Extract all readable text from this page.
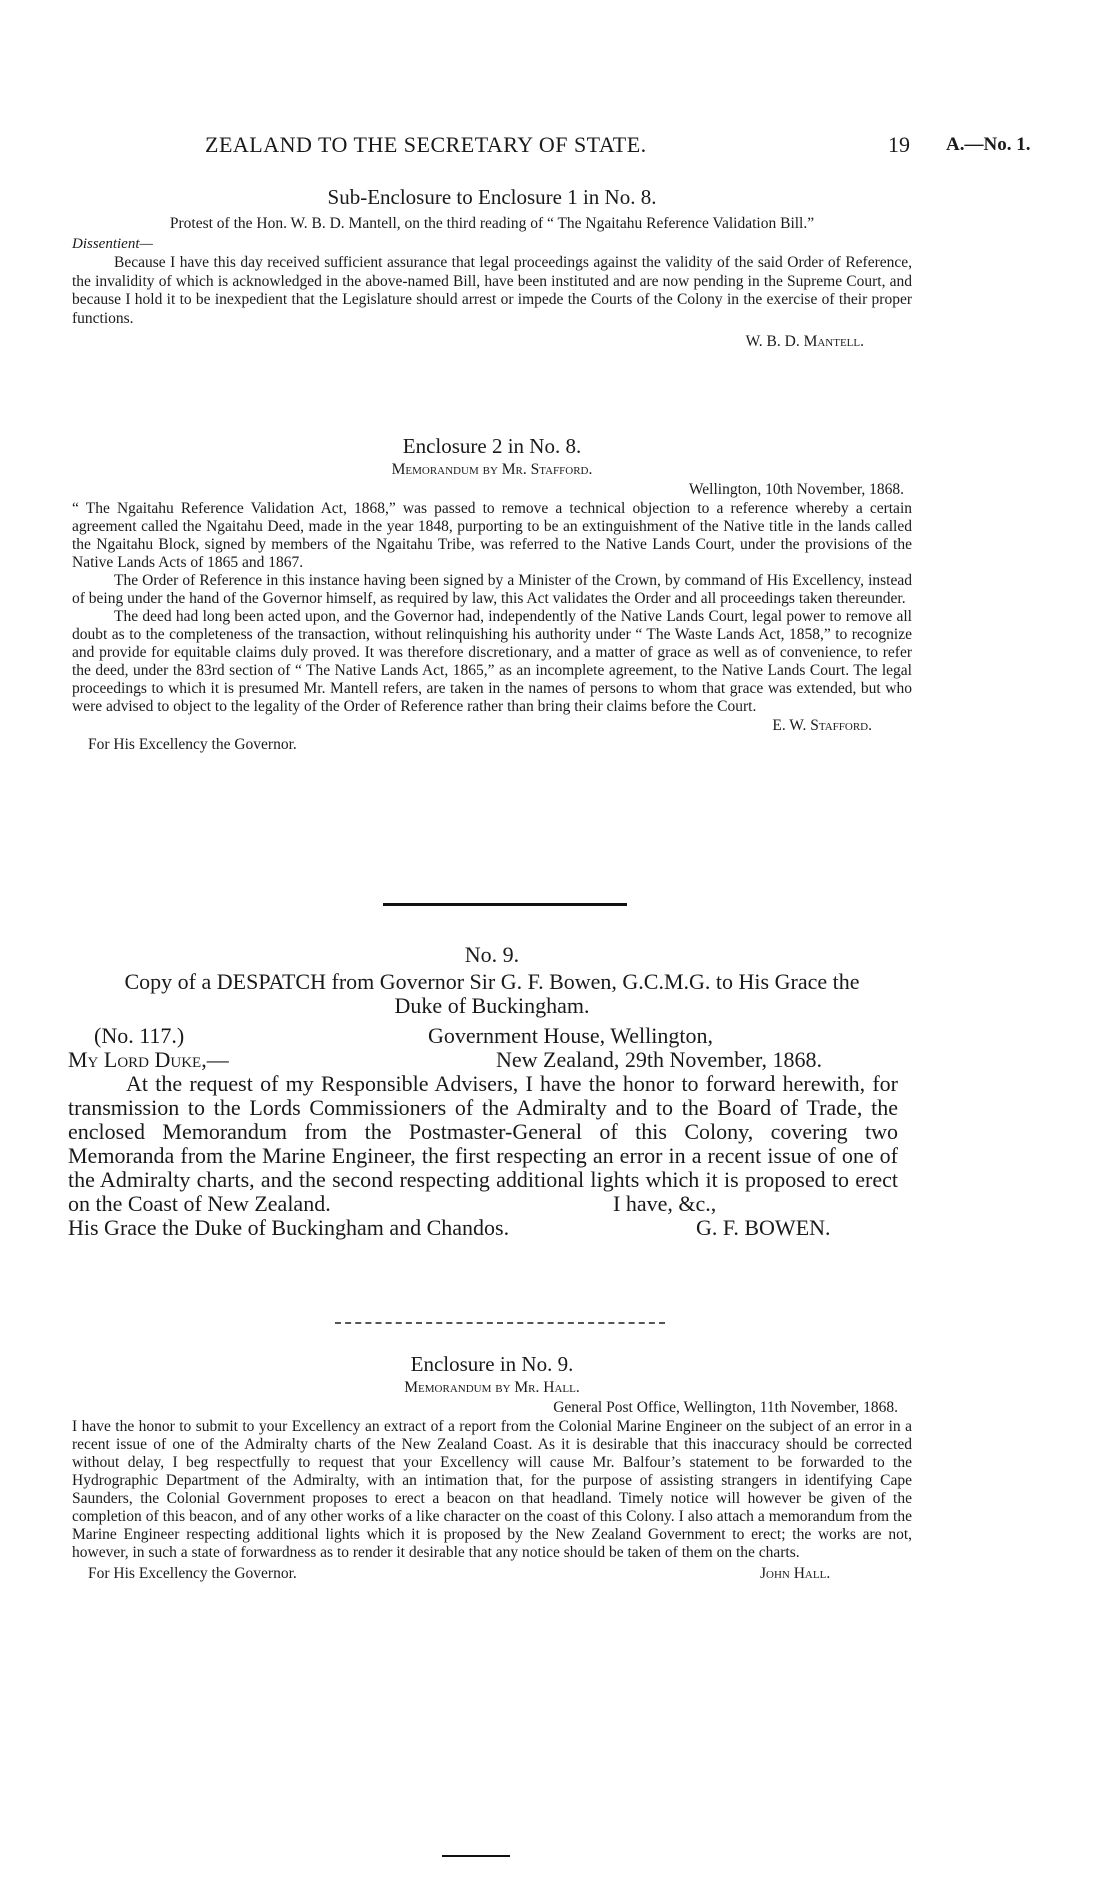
ZEALAND TO THE SECRETARY OF STATE.	19 A.—No. 1.
Sub-Enclosure to Enclosure 1 in No. 8.
Protest of the Hon. W. B. D. Mantell, on the third reading of “ The Ngaitahu Reference Validation Bill.”
Dissentient—

Because I have this day received sufficient assurance that legal proceedings against the validity of the said Order of Reference, the invalidity of which is acknowledged in the above-named Bill, have been instituted and are now pending in the Supreme Court, and because I hold it to be inexpedient that the Legislature should arrest or impede the Courts of the Colony in the exercise of their proper functions.

W. B. D. Mantell.
Enclosure 2 in No. 8.
Memorandum by Mr. Stafford.
Wellington, 10th November, 1868.

“ The Ngaitahu Reference Validation Act, 1868,” was passed to remove a technical objection to a reference whereby a certain agreement called the Ngaitahu Deed, made in the year 1848, purporting to be an extinguishment of the Native title in the lands called the Ngaitahu Block, signed by members of the Ngaitahu Tribe, was referred to the Native Lands Court, under the provisions of the Native Lands Acts of 1865 and 1867.

The Order of Reference in this instance having been signed by a Minister of the Crown, by command of His Excellency, instead of being under the hand of the Governor himself, as required by law, this Act validates the Order and all proceedings taken thereunder.

The deed had long been acted upon, and the Governor had, independently of the Native Lands Court, legal power to remove all doubt as to the completeness of the transaction, without relinquishing his authority under “ The Waste Lands Act, 1858,” to recognize and provide for equitable claims duly proved. It was therefore discretionary, and a matter of grace as well as of convenience, to refer the deed, under the 83rd section of “ The Native Lands Act, 1865,” as an incomplete agreement, to the Native Lands Court. The legal proceedings to which it is presumed Mr. Mantell refers, are taken in the names of persons to whom that grace was extended, but who were advised to object to the legality of the Order of Reference rather than bring their claims before the Court.

E. W. Stafford.
For His Excellency the Governor.
No. 9.
Copy of a DESPATCH from Governor Sir G. F. Bowen, G.C.M.G. to His Grace the Duke of Buckingham.
(No. 117.)	Government House, Wellington,
My Lord Duke,—	New Zealand, 29th November, 1868.

At the request of my Responsible Advisers, I have the honor to forward herewith, for transmission to the Lords Commissioners of the Admiralty and to the Board of Trade, the enclosed Memorandum from the Postmaster-General of this Colony, covering two Memoranda from the Marine Engineer, the first respecting an error in a recent issue of one of the Admiralty charts, and the second respecting additional lights which it is proposed to erect on the Coast of New Zealand.	I have, &c.,
His Grace the Duke of Buckingham and Chandos.	G. F. BOWEN.
Enclosure in No. 9.
Memorandum by Mr. Hall.
General Post Office, Wellington, 11th November, 1868.

I have the honor to submit to your Excellency an extract of a report from the Colonial Marine Engineer on the subject of an error in a recent issue of one of the Admiralty charts of the New Zealand Coast. As it is desirable that this inaccuracy should be corrected without delay, I beg respectfully to request that your Excellency will cause Mr. Balfour’s statement to be forwarded to the Hydrographic Department of the Admiralty, with an intimation that, for the purpose of assisting strangers in identifying Cape Saunders, the Colonial Government proposes to erect a beacon on that headland. Timely notice will however be given of the completion of this beacon, and of any other works of a like character on the coast of this Colony. I also attach a memorandum from the Marine Engineer respecting additional lights which it is proposed by the New Zealand Government to erect; the works are not, however, in such a state of forwardness as to render it desirable that any notice should be taken of them on the charts.

For His Excellency the Governor.	John Hall.
